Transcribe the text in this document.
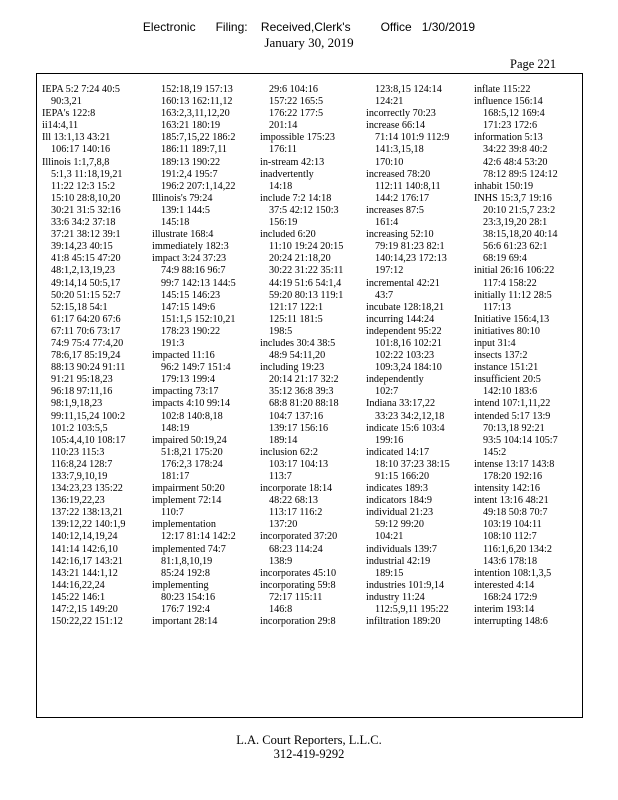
Electronic      Filing:    Received,Clerk's         Office   1/30/2019
January 30, 2019
Page 221
IEPA 5:2 7:24 40:5
90:3,21
IEPA's 122:8
ii14:4,11
Ill 13:1,13 43:21
106:17 140:16
Illinois 1:1,7,8,8
5:1,3 11:18,19,21
11:22 12:3 15:2
15:10 28:8,10,20
30:21 31:5 32:16
33:6 34:2 37:18
37:21 38:12 39:1
39:14,23 40:15
41:8 45:15 47:20
48:1,2,13,19,23
49:14,14 50:5,17
50:20 51:15 52:7
52:15,18 54:1
61:17 64:20 67:6
67:11 70:6 73:17
74:9 75:4 77:4,20
78:6,17 85:19,24
88:13 90:24 91:11
91:21 95:18,23
96:18 97:11,16
98:1,9,18,23
99:11,15,24 100:2
101:2 103:5,5
105:4,4,10 108:17
110:23 115:3
116:8,24 128:7
133:7,9,10,19
134:23,23 135:22
136:19,22,23
137:22 138:13,21
139:12,22 140:1,9
140:12,14,19,24
141:14 142:6,10
142:16,17 143:21
143:21 144:1,12
144:16,22,24
145:22 146:1
147:2,15 149:20
150:22,22 151:12
152:18,19 157:13
160:13 162:11,12
163:2,3,11,12,20
163:21 180:19
185:7,15,22 186:2
186:11 189:7,11
189:13 190:22
191:2,4 195:7
196:2 207:1,14,22
Illinois's 79:24
139:1 144:5
145:18
illustrate 168:4
immediately 182:3
impact 3:24 37:23
74:9 88:16 96:7
99:7 142:13 144:5
145:15 146:23
147:15 149:6
151:1,5 152:10,21
178:23 190:22
191:3
impacted 11:16
96:2 149:7 151:4
179:13 199:4
impacting 73:17
impacts 4:10 99:14
102:8 140:8,18
148:19
impaired 50:19,24
51:8,21 175:20
176:2,3 178:24
181:17
impairment 50:20
implement 72:14
110:7
implementation
12:17 81:14 142:2
implemented 74:7
81:1,8,10,19
85:24 192:8
implementing
80:23 154:16
176:7 192:4
important 28:14
29:6 104:16
157:22 165:5
176:22 177:5
201:14
impossible 175:23
176:11
in-stream 42:13
inadvertently
14:18
include 7:2 14:18
37:5 42:12 150:3
156:19
included 6:20
11:10 19:24 20:15
20:24 21:18,20
30:22 31:22 35:11
44:19 51:6 54:1,4
59:20 80:13 119:1
121:17 122:1
125:11 181:5
198:5
includes 30:4 38:5
48:9 54:11,20
including 19:23
20:14 21:17 32:2
35:12 36:8 39:3
68:8 81:20 88:18
104:7 137:16
139:17 156:16
189:14
inclusion 62:2
103:17 104:13
113:7
incorporate 18:14
48:22 68:13
113:17 116:2
137:20
incorporated 37:20
68:23 114:24
138:9
incorporates 45:10
incorporating 59:8
72:17 115:11
146:8
incorporation 29:8
123:8,15 124:14
124:21
incorrectly 70:23
increase 66:14
71:14 101:9 112:9
141:3,15,18
170:10
increased 78:20
112:11 140:8,11
144:2 176:17
increases 87:5
161:4
increasing 52:10
79:19 81:23 82:1
140:14,23 172:13
197:12
incremental 42:21
43:7
incubate 128:18,21
incurring 144:24
independent 95:22
101:8,16 102:21
102:22 103:23
109:3,24 184:10
independently
102:7
Indiana 33:17,22
33:23 34:2,12,18
indicate 15:6 103:4
199:16
indicated 14:17
18:10 37:23 38:15
91:15 166:20
indicates 189:3
indicators 184:9
individual 21:23
59:12 99:20
104:21
individuals 139:7
industrial 42:19
189:15
industries 101:9,14
industry 11:24
112:5,9,11 195:22
infiltration 189:20
inflate 115:22
influence 156:14
168:5,12 169:4
171:23 172:6
information 5:13
34:22 39:8 40:2
42:6 48:4 53:20
78:12 89:5 124:12
inhabit 150:19
INHS 15:3,7 19:16
20:10 21:5,7 23:2
23:3,19,20 28:1
38:15,18,20 40:14
56:6 61:23 62:1
68:19 69:4
initial 26:16 106:22
117:4 158:22
initially 11:12 28:5
117:13
Initiative 156:4,13
initiatives 80:10
input 31:4
insects 137:2
instance 151:21
insufficient 20:5
142:10 183:6
intend 107:1,11,22
intended 5:17 13:9
70:13,18 92:21
93:5 104:14 105:7
145:2
intense 13:17 143:8
178:20 192:16
intensity 142:16
intent 13:16 48:21
49:18 50:8 70:7
103:19 104:11
108:10 112:7
116:1,6,20 134:2
143:6 178:18
intention 108:1,3,5
interested 4:14
168:24 172:9
interim 193:14
interrupting 148:6
L.A. Court Reporters, L.L.C.
312-419-9292
